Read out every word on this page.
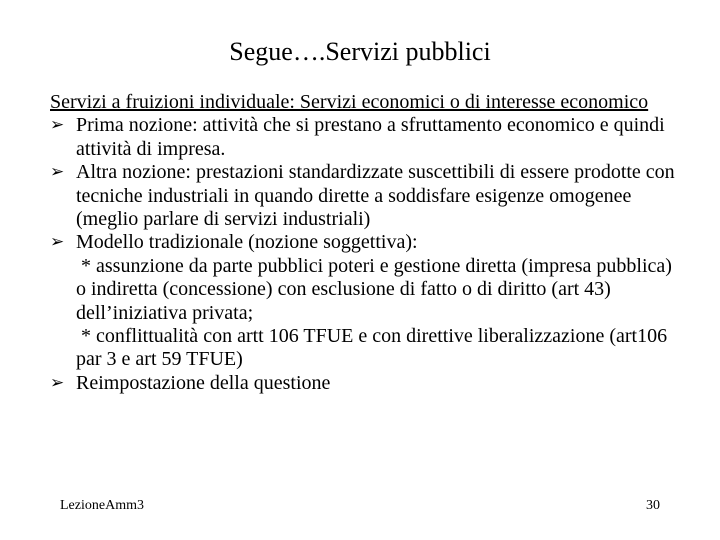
Segue….Servizi pubblici
Servizi a fruizioni individuale: Servizi economici o di interesse economico
➢ Prima nozione: attività che si prestano a sfruttamento economico e quindi attività di impresa.
➢ Altra nozione: prestazioni standardizzate suscettibili di essere prodotte con tecniche industriali in quando dirette a soddisfare esigenze omogenee (meglio parlare di servizi industriali)
➢ Modello tradizionale (nozione soggettiva):
* assunzione da parte pubblici poteri e gestione diretta (impresa pubblica) o indiretta (concessione) con esclusione di fatto o di diritto (art 43) dell’iniziativa privata;
* conflittualità con artt 106 TFUE e con direttive liberalizzazione (art106 par 3 e art 59 TFUE)
➢ Reimpostazione della questione
LezioneAmm3	30
